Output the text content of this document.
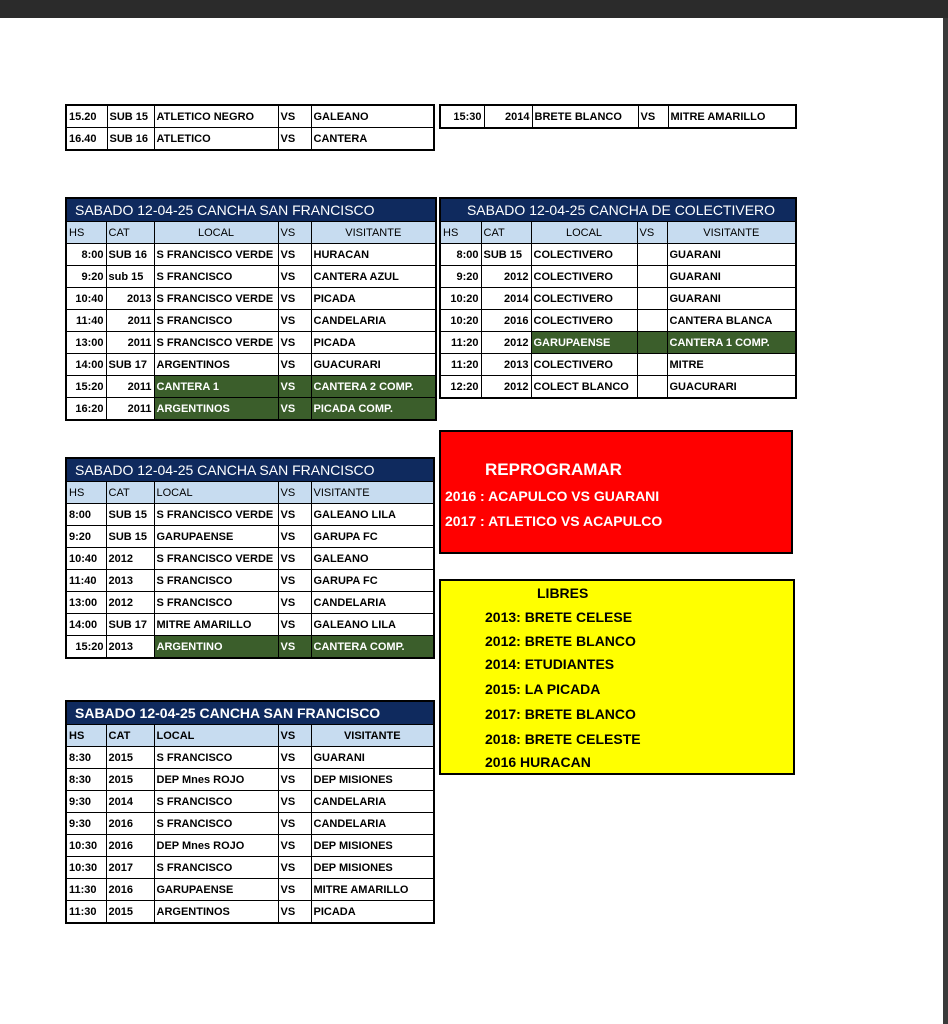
15.20	SUB 15	ATLETICO NEGRO	VS	GALEANO
16.40	SUB 16	ATLETICO	VS	CANTERA
15:30	2014	BRETE BLANCO	VS	MITRE AMARILLO
SABADO 12-04-25 CANCHA SAN FRANCISCO				
HS	CAT	LOCAL	VS	VISITANTE
8:00	SUB 16	S FRANCISCO VERDE	VS	HURACAN
9:20	sub 15	S FRANCISCO	VS	CANTERA AZUL
10:40	2013	S FRANCISCO VERDE	VS	PICADA
11:40	2011	S FRANCISCO	VS	CANDELARIA
13:00	2011	S FRANCISCO VERDE	VS	PICADA
14:00	SUB 17	ARGENTINOS	VS	GUACURARI
15:20	2011	CANTERA 1	VS	CANTERA 2 COMP.
16:20	2011	ARGENTINOS	VS	PICADA COMP.
SABADO 12-04-25 CANCHA DE COLECTIVERO				
HS	CAT	LOCAL	VS	VISITANTE
8:00	SUB 15	COLECTIVERO		GUARANI
9:20	2012	COLECTIVERO		GUARANI
10:20	2014	COLECTIVERO		GUARANI
10:20	2016	COLECTIVERO		CANTERA BLANCA
11:20	2012	GARUPAENSE		CANTERA 1 COMP.
11:20	2013	COLECTIVERO		MITRE
12:20	2012	COLECT BLANCO		GUACURARI
SABADO 12-04-25 CANCHA SAN FRANCISCO				
HS	CAT	LOCAL	VS	VISITANTE
8:00	SUB 15	S FRANCISCO VERDE	VS	GALEANO LILA
9:20	SUB 15	GARUPAENSE	VS	GARUPA FC
10:40	2012	S FRANCISCO VERDE	VS	GALEANO
11:40	2013	S FRANCISCO	VS	GARUPA FC
13:00	2012	S FRANCISCO	VS	CANDELARIA
14:00	SUB 17	MITRE AMARILLO	VS	GALEANO LILA
15:20	2013	ARGENTINO	VS	CANTERA COMP.
SABADO 12-04-25 CANCHA SAN FRANCISCO				
HS	CAT	LOCAL	VS	VISITANTE
8:30	2015	S FRANCISCO	VS	GUARANI
8:30	2015	DEP Mnes ROJO	VS	DEP MISIONES
9:30	2014	S FRANCISCO	VS	CANDELARIA
9:30	2016	S FRANCISCO	VS	CANDELARIA
10:30	2016	DEP Mnes ROJO	VS	DEP MISIONES
10:30	2017	S FRANCISCO	VS	DEP MISIONES
11:30	2016	GARUPAENSE	VS	MITRE AMARILLO
11:30	2015	ARGENTINOS	VS	PICADA
REPROGRAMAR
2016 : ACAPULCO VS GUARANI
2017 : ATLETICO VS ACAPULCO
LIBRES
2013: BRETE CELESE
2012: BRETE BLANCO
2014: ETUDIANTES
2015: LA PICADA
2017: BRETE BLANCO
2018: BRETE CELESTE
2016 HURACAN
